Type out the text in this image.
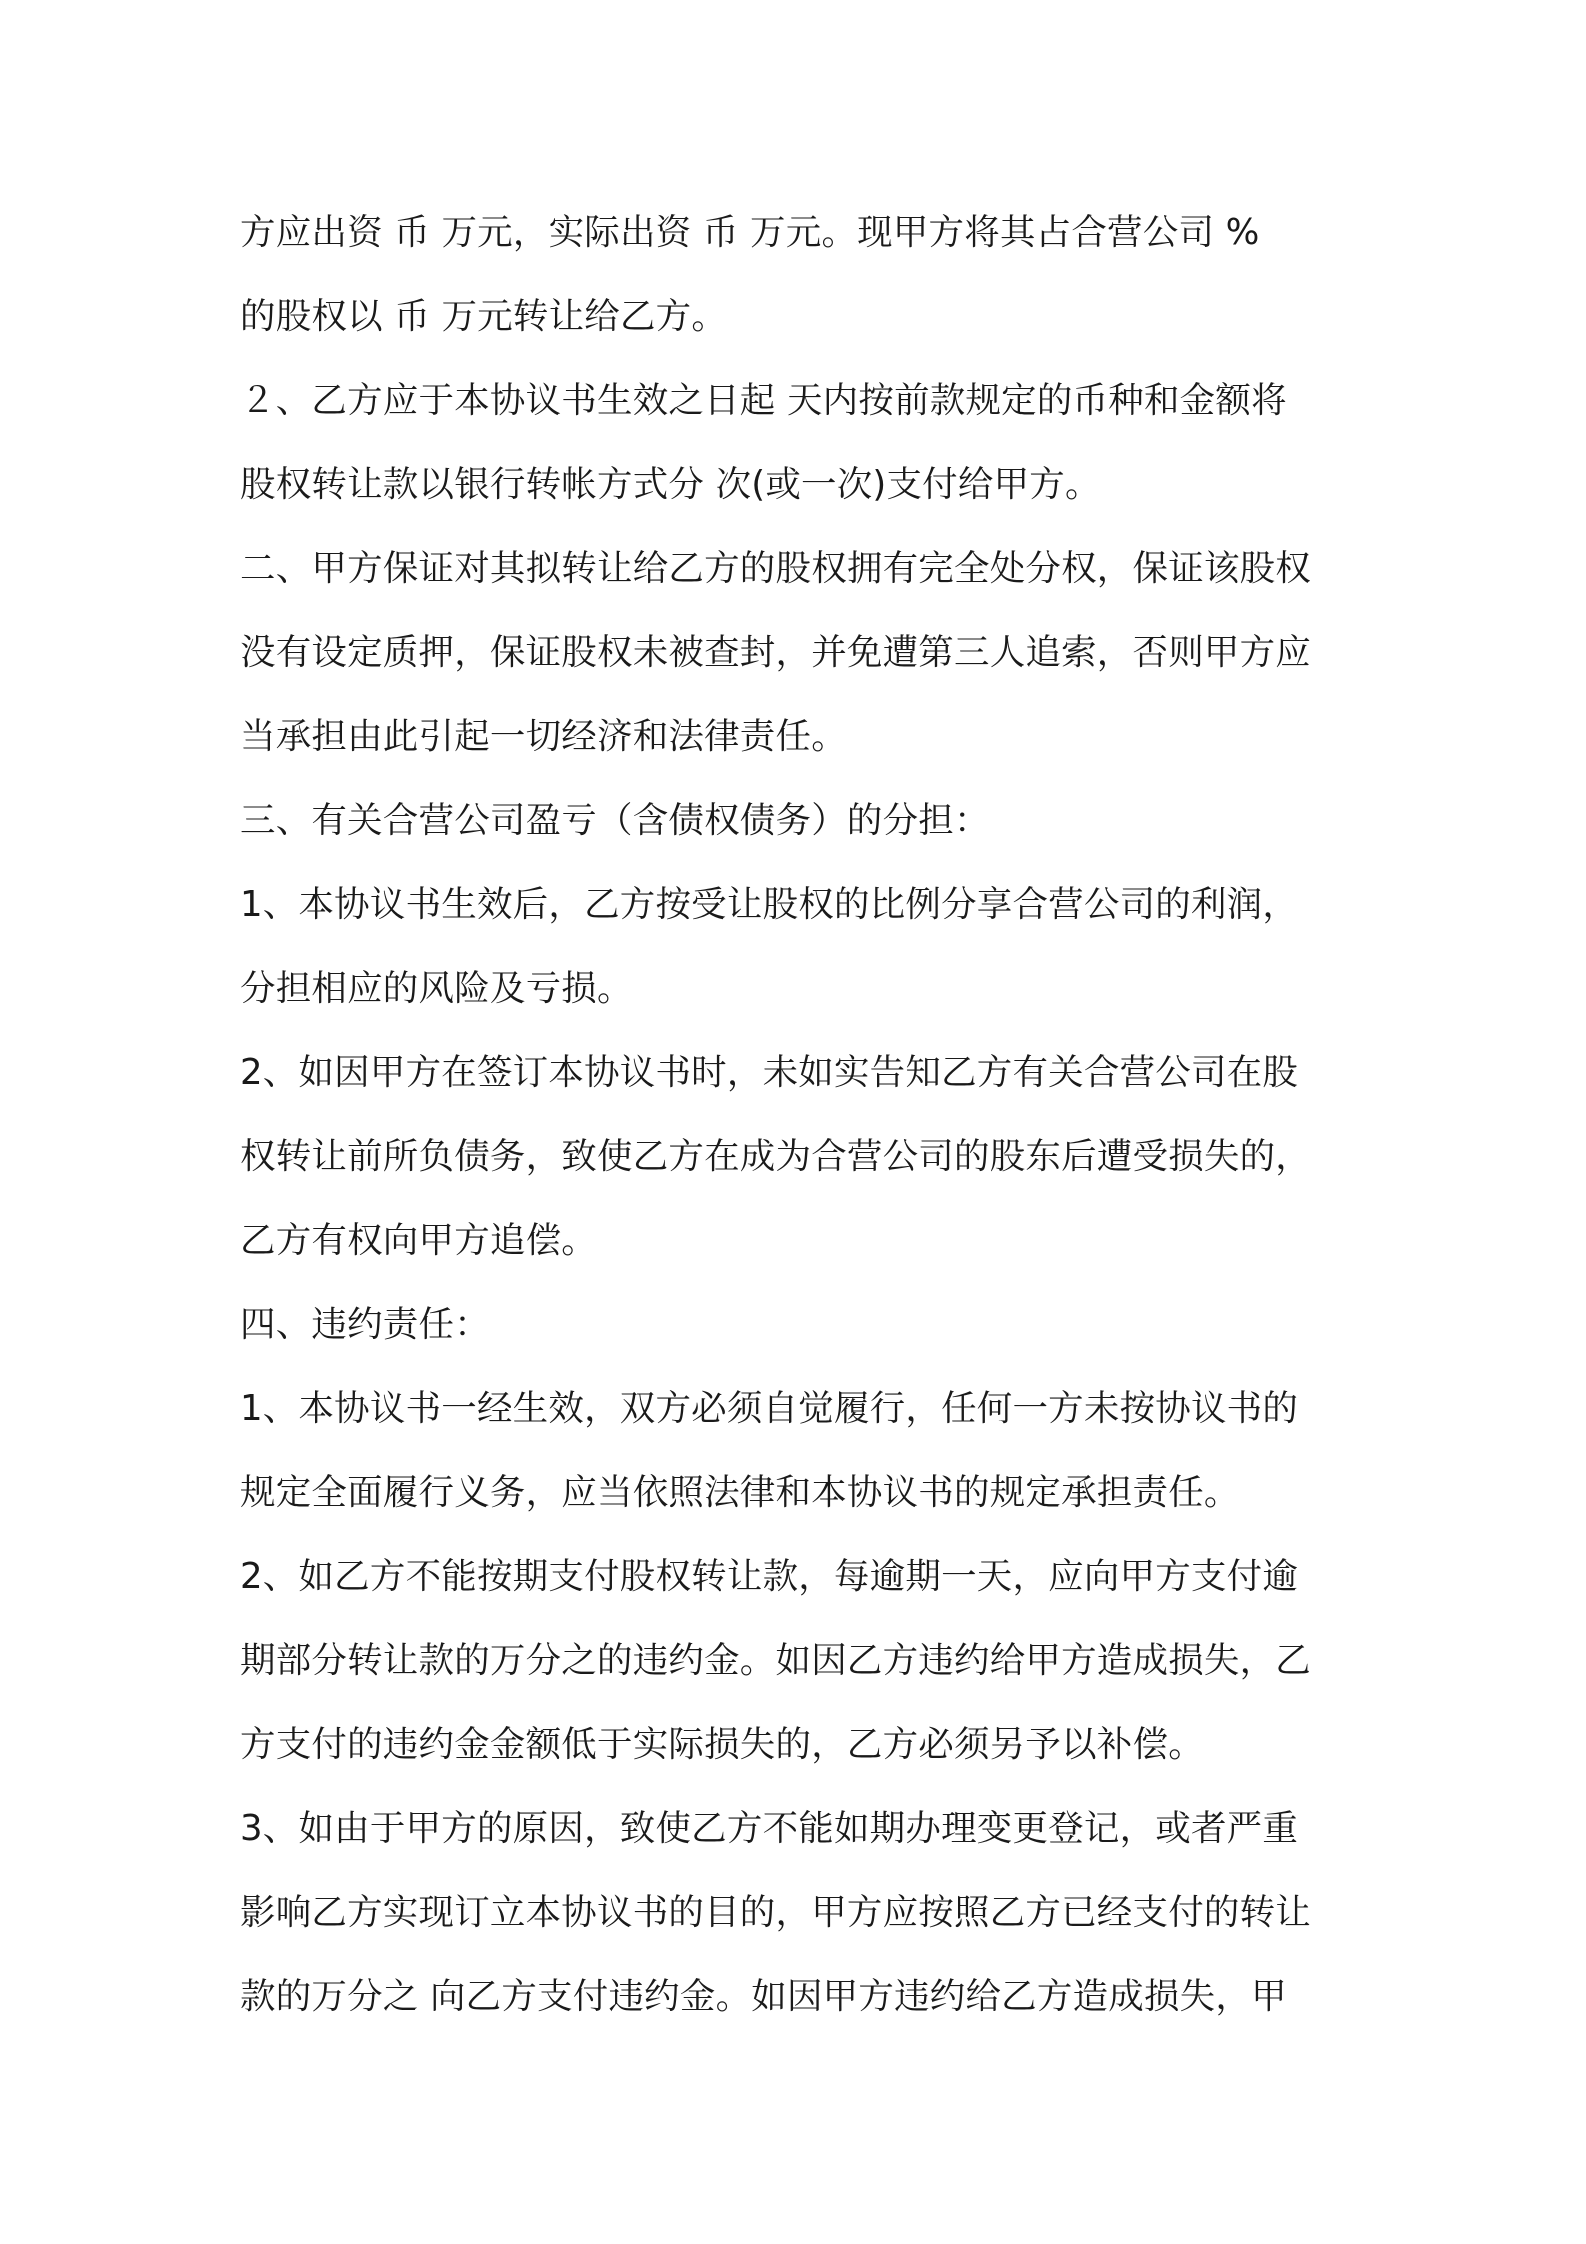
方应出资 币 万元，实际出资 币 万元。现甲方将其占合营公司 %
的股权以 币 万元转让给乙方。
２、乙方应于本协议书生效之日起 天内按前款规定的币种和金额将
股权转让款以银行转帐方式分 次(或一次)支付给甲方。
二、甲方保证对其拟转让给乙方的股权拥有完全处分权，保证该股权
没有设定质押，保证股权未被查封，并免遭第三人追索，否则甲方应
当承担由此引起一切经济和法律责任。
三、有关合营公司盈亏（含债权债务）的分担：
1、本协议书生效后，乙方按受让股权的比例分享合营公司的利润，
分担相应的风险及亏损。
2、如因甲方在签订本协议书时，未如实告知乙方有关合营公司在股
权转让前所负债务，致使乙方在成为合营公司的股东后遭受损失的，
乙方有权向甲方追偿。
四、违约责任：
1、本协议书一经生效，双方必须自觉履行，任何一方未按协议书的
规定全面履行义务，应当依照法律和本协议书的规定承担责任。
2、如乙方不能按期支付股权转让款，每逾期一天，应向甲方支付逾
期部分转让款的万分之的违约金。如因乙方违约给甲方造成损失，乙
方支付的违约金金额低于实际损失的，乙方必须另予以补偿。
3、如由于甲方的原因，致使乙方不能如期办理变更登记，或者严重
影响乙方实现订立本协议书的目的，甲方应按照乙方已经支付的转让
款的万分之 向乙方支付违约金。如因甲方违约给乙方造成损失，甲
